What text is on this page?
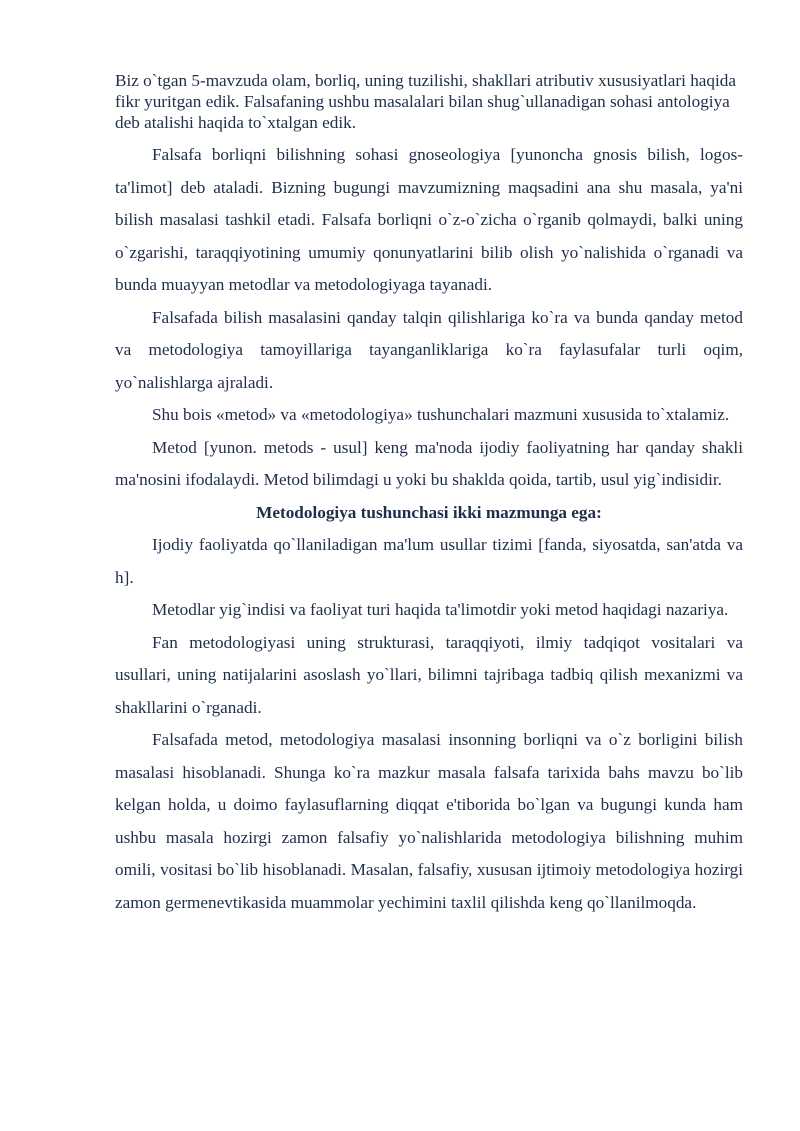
Biz o`tgan 5-mavzuda olam, borliq, uning tuzilishi, shakllari atributiv xususiyatlari haqida fikr yuritgan edik. Falsafaning ushbu masalalari bilan shug`ullanadigan sohasi antologiya deb atalishi haqida to`xtalgan edik.

Falsafa borliqni bilishning sohasi gnoseologiya [yunoncha gnosis bilish, logos-ta'limot] deb ataladi. Bizning bugungi mavzumizning maqsadini ana shu masala, ya'ni bilish masalasi tashkil etadi. Falsafa borliqni o`z-o`zicha o`rganib qolmaydi, balki uning o`zgarishi, taraqqiyotining umumiy qonunyatlarini bilib olish yo`nalishida o`rganadi va bunda muayyan metodlar va metodologiyaga tayanadi.

Falsafada bilish masalasini qanday talqin qilishlariga ko`ra va bunda qanday metod va metodologiya tamoyillariga tayanganliklariga ko`ra faylasufalar turli oqim, yo`nalishlarga ajraladi.

Shu bois «metod» va «metodologiya» tushunchalari mazmuni xususida to`xtalamiz.

Metod [yunon. metods - usul] keng ma'noda ijodiy faoliyatning har qanday shakli ma'nosini ifodalaydi. Metod bilimdagi u yoki bu shaklda qoida, tartib, usul yig`indisidir.

Metodologiya tushunchasi ikki mazmunga ega:

Ijodiy faoliyatda qo`llaniladigan ma'lum usullar tizimi [fanda, siyosatda, san'atda va h].

Metodlar yig`indisi va faoliyat turi haqida ta'limotdir yoki metod haqidagi nazariya.

Fan metodologiyasi uning strukturasi, taraqqiyoti, ilmiy tadqiqot vositalari va usullari, uning natijalarini asoslash yo`llari, bilimni tajribaga tadbiq qilish mexanizmi va shakllarini o`rganadi.

Falsafada metod, metodologiya masalasi insonning borliqni va o`z borligini bilish masalasi hisoblanadi. Shunga ko`ra mazkur masala falsafa tarixida bahs mavzu bo`lib kelgan holda, u doimo faylasuflarning diqqat e'tiborida bo`lgan va bugungi kunda ham ushbu masala hozirgi zamon falsafiy yo`nalishlarida metodologiya bilishning muhim omili, vositasi bo`lib hisoblanadi. Masalan, falsafiy, xususan ijtimoiy metodologiya hozirgi zamon germenevtikasida muammolar yechimini taxlil qilishda keng qo`llanilmoqda.
